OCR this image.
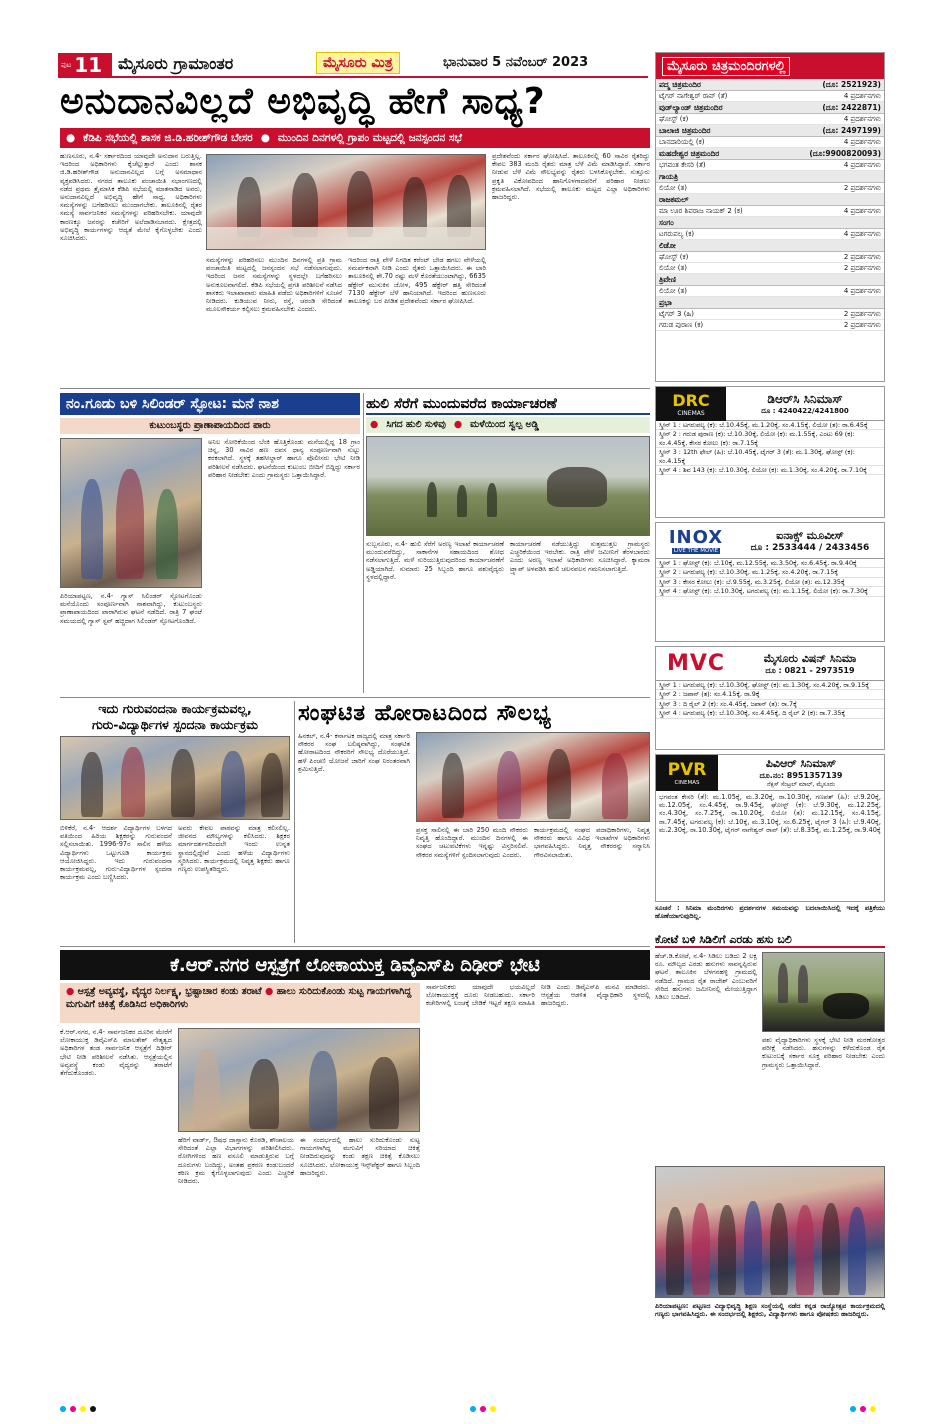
ಪುಟ 11 ಮೈಸೂರು ಗ್ರಾಮಾಂತರ	ಮೈಸೂರು ಮಿತ್ರ	ಭಾನುವಾರ 5 ನವೆಂಬರ್ 2023
ಅನುದಾನವಿಲ್ಲದೆ ಅಭಿವೃದ್ಧಿ ಹೇಗೆ ಸಾಧ್ಯ?
● ಕೆಡಿಪಿ ಸಭೆಯಲ್ಲಿ ಶಾಸಕ ಜಿ.ಡಿ.ಹರೀಶ್‌ಗೌಡ ಬೇಸರ ● ಮುಂದಿನ ದಿನಗಳಲ್ಲಿ ಗ್ರಾಪಂ ಮಟ್ಟದಲ್ಲಿ ಜನಸ್ಪಂದನ ಸಭೆ
ಹುಣಸೂರು, ನ.4- ಸರ್ಕಾರದಿಂದ ಯಾವುದೇ ಅನುದಾನ ಬರುತ್ತಿಲ್ಲ. ಇದರಿಂದ ಅಧಿಕಾರಿಗಳು ಕೈಚೆಲ್ಲುತ್ತಾರೆ ಎಂದು ಶಾಸಕ ಜಿ.ಡಿ.ಹರೀಶ್‌ಗೌಡ ಅನುದಾನವಿಲ್ಲದ ಬಗ್ಗೆ ಅಸಮಾಧಾನ ವ್ಯಕ್ತಪಡಿಸಿದರು. ನಗರದ ತಾಲೂಕು ಪಂಚಾಯಿತಿ ಸಭಾಂಗಣದಲ್ಲಿ ನಡೆದ ಪ್ರಥಮ ತ್ರೈಮಾಸಿಕ ಕೆಡಿಪಿ ಸಭೆಯಲ್ಲಿ ಮಾತನಾಡಿದ ಅವರು, ಅನುದಾನವಿಲ್ಲದೆ ಅಭಿವೃದ್ಧಿ ಹೇಗೆ ಸಾಧ್ಯ. ಅಧಿಕಾರಿಗಳು ಸಮಸ್ಯೆಗಳನ್ನು ಬಗೆಹರಿಸಲು ಮುಂದಾಗಬೇಕು. ತಾಲೂಕಿನಲ್ಲಿ ರೈತರ ಸಮಸ್ಯೆ ಸಾರ್ವಜನಿಕರ ಸಮಸ್ಯೆಗಳನ್ನು ಪರಿಹರಿಸಬೇಕು. ಯಾವುದೇ ಕಾರಣಕ್ಕೂ ಜನರನ್ನು ಕಚೇರಿಗೆ ಅಲೆದಾಡಿಸಬಾರದು. ಕ್ಷೇತ್ರದಲ್ಲಿ ಅಭಿವೃದ್ಧಿ ಕಾರ್ಯಗಳನ್ನು ಆದ್ಯತೆ ಮೇಲೆ ಕೈಗೊಳ್ಳಬೇಕು ಎಂದು ಸೂಚಿಸಿದರು.
ಸಮಸ್ಯೆಗಳನ್ನು ಪರಿಹರಿಸಲು ಮುಂದಿನ ದಿನಗಳಲ್ಲಿ ಪ್ರತಿ ಗ್ರಾಮ ಪಂಚಾಯಿತಿ ಮಟ್ಟದಲ್ಲಿ ಜನಸ್ಪಂದನ ಸಭೆ ನಡೆಸಲಾಗುವುದು. ಇದರಿಂದ ಜನರ ಸಮಸ್ಯೆಗಳನ್ನು ಸ್ಥಳದಲ್ಲೇ ಬಗೆಹರಿಸಲು ಅನುಕೂಲವಾಗಲಿದೆ. ಕೆಡಿಪಿ ಸಭೆಯಲ್ಲಿ ಪ್ರಗತಿ ಪರಿಶೀಲನೆ ನಡೆಸಿದ ಶಾಸಕರು ಇಲಾಖಾವಾರು ಮಾಹಿತಿ ಪಡೆದು ಅಧಿಕಾರಿಗಳಿಗೆ ಸೂಚನೆ ನೀಡಿದರು. ಕುಡಿಯುವ ನೀರು, ರಸ್ತೆ, ಚರಂಡಿ ಸೇರಿದಂತೆ ಮೂಲಸೌಕರ್ಯ ಕಲ್ಪಿಸಲು ಕ್ರಮವಹಿಸಬೇಕು ಎಂದರು.
ಇದರಿಂದ ರಾತ್ರಿ ವೇಳೆ ನಿಗದಿತ ಕರೆಂಟ್ ಬೇಡ ಹಗಲು ವೇಳೆಯಲ್ಲಿ ಸಮರ್ಪಕವಾಗಿ ನೀಡಿ ಎಂದು ರೈತರು ಒತ್ತಾಯಿಸಿದರು. ಈ ಬಾರಿ ತಾಲೂಕಿನಲ್ಲಿ ಶೇ.70 ರಷ್ಟು ಮಳೆ ಕೊರತೆಯುಂಟಾಗಿದ್ದು, 6635 ಹೆಕ್ಟೇರ್ ಮುಸುಕಿನ ಜೋಳ, 495 ಹೆಕ್ಟೇರ್ ಹತ್ತಿ ಸೇರಿದಂತೆ 7130 ಹೆಕ್ಟೇರ್ ಬೆಳೆ ಹಾನಿಯಾಗಿದೆ. ಇದರಿಂದ ಹುಣಸೂರು ತಾಲೂಕನ್ನು ಬರ ಪೀಡಿತ ಪ್ರದೇಶವೆಂದು ಸರ್ಕಾರ ಘೋಷಿಸಿದೆ.
ಪ್ರದೇಶವೆಂದು ಸರ್ಕಾರ ಘೋಷಿಸಿದೆ. ತಾಲೂಕಿನಲ್ಲಿ 60 ಸಾವಿರ ರೈತರಿದ್ದು ಕೇವಲ 383 ಮಂದಿ ರೈತರು ಮಾತ್ರ ಬೆಳೆ ವಿಮೆ ಮಾಡಿಸಿದ್ದಾರೆ. ಸರ್ಕಾರ ನೀಡುವ ಬೆಳೆ ವಿಮೆ ಸೌಲಭ್ಯವನ್ನು ರೈತರು ಬಳಸಿಕೊಳ್ಳಬೇಕು. ಸುತ್ತೂರು ಪ್ರಕೃತಿ ವಿಕೋಪದಿಂದ ಹಾನಿಗೊಳಗಾದವರಿಗೆ ಪರಿಹಾರ ನೀಡಲು ಕ್ರಮವಹಿಸಲಾಗಿದೆ. ಸಭೆಯಲ್ಲಿ ತಾಲೂಕು ಮಟ್ಟದ ಎಲ್ಲಾ ಅಧಿಕಾರಿಗಳು ಹಾಜರಿದ್ದರು.
ನಂ.ಗೂಡು ಬಳಿ ಸಿಲಿಂಡರ್ ಸ್ಫೋಟ: ಮನೆ ನಾಶ
ಕುಟುಂಬಸ್ಥರು ಪ್ರಾಣಾಪಾಯದಿಂದ ಪಾರು
ಪಿರಿಯಾಪಟ್ಟಣ, ನ.4- ಗ್ಯಾಸ್ ಸಿಲಿಂಡರ್ ಸ್ಫೋಟಗೊಂಡು ಮನೆಯೊಂದು ಸಂಪೂರ್ಣವಾಗಿ ನಾಶವಾಗಿದ್ದು, ಕುಟುಂಬಸ್ಥರು ಪ್ರಾಣಾಪಾಯದಿಂದ ಪಾರಾಗಿರುವ ಘಟನೆ ನಡೆದಿದೆ. ರಾತ್ರಿ 7 ಘಂಟೆ ಸಮಯದಲ್ಲಿ ಗ್ಯಾಸ್ ಸ್ಟವ್ ಹಚ್ಚಿದಾಗ ಸಿಲಿಂಡರ್ ಸ್ಫೋಟಗೊಂಡಿದೆ.
ಅನಿಲ ಸೋರಿಕೆಯಿಂದ ಬೆಂಕಿ ಹೊತ್ತಿಕೊಂಡು ಮನೆಯಲ್ಲಿದ್ದ 18 ಗ್ರಾಂ ಚಿನ್ನ, 30 ಸಾವಿರ ಹಣ ದವಸ ಧಾನ್ಯ ಸಂಪೂರ್ಣವಾಗಿ ಸುಟ್ಟು ಕರಕಲಾಗಿದೆ. ಸ್ಥಳಕ್ಕೆ ತಹಸೀಲ್ದಾರ್ ಹಾಗೂ ಪೊಲೀಸರು ಭೇಟಿ ನೀಡಿ ಪರಿಶೀಲನೆ ನಡೆಸಿದರು. ಘಟನೆಯಿಂದ ಕುಟುಂಬ ಬೀದಿಗೆ ಬಿದ್ದಿದ್ದು ಸರ್ಕಾರ ಪರಿಹಾರ ನೀಡಬೇಕು ಎಂದು ಗ್ರಾಮಸ್ಥರು ಒತ್ತಾಯಿಸಿದ್ದಾರೆ.
ಹುಲಿ ಸೆರೆಗೆ ಮುಂದುವರೆದ ಕಾರ್ಯಾಚರಣೆ
● ಸಿಗದ ಹುಲಿ ಸುಳಿವು ● ಮಳೆಯಿಂದ ಸ್ವಲ್ಪ ಅಡ್ಡಿ
ಸುಬ್ಬನೂರು, ನ.4- ಹುಲಿ ಸೆರೆಗೆ ಅರಣ್ಯ ಇಲಾಖೆ ಕಾರ್ಯಾಚರಣೆ ಮುಂದುವರೆದಿದ್ದು, ಸಾಕಾನೆಗಳ ಸಹಾಯದಿಂದ ಶೋಧ ನಡೆಸಲಾಗುತ್ತಿದೆ. ಮಳೆ ಸುರಿಯುತ್ತಿರುವುದರಿಂದ ಕಾರ್ಯಾಚರಣೆಗೆ ಅಡ್ಡಿಯಾಗಿದೆ. ಸುಮಾರು 25 ಸಿಬ್ಬಂದಿ ಹಾಗೂ ಪಶುವೈದ್ಯರು ಸ್ಥಳದಲ್ಲಿದ್ದಾರೆ.
ಕಾರ್ಯಾಚರಣೆ ನಡೆಯುತ್ತಿದ್ದು ಸುತ್ತಮುತ್ತಲ ಗ್ರಾಮಸ್ಥರು ಎಚ್ಚರಿಕೆಯಿಂದ ಇರಬೇಕು. ರಾತ್ರಿ ವೇಳೆ ಜಮೀನಿಗೆ ತೆರಳಬಾರದು ಎಂದು ಅರಣ್ಯ ಇಲಾಖೆ ಅಧಿಕಾರಿಗಳು ಸೂಚಿಸಿದ್ದಾರೆ. ಕ್ಯಾಮರಾ ಟ್ರ್ಯಾಪ್ ಅಳವಡಿಸಿ ಹುಲಿ ಚಲನವಲನ ಗಮನಿಸಲಾಗುತ್ತಿದೆ.
ಇದು ಗುರುವಂದನಾ ಕಾರ್ಯಕ್ರಮವಲ್ಲ,
ಗುರು-ವಿದ್ಯಾರ್ಥಿಗಳ ಸ್ಪಂದನಾ ಕಾರ್ಯಕ್ರಮ
ಬಿಳಿಕೆರೆ, ನ.4- ಆದರ್ಶ ವಿದ್ಯಾರ್ಥಿಗಳ ಬಳಗದ ವತಿಯಿಂದ ಹಿರಿಯ ಶಿಕ್ಷಕರನ್ನು ಗುರುವಂದನೆ ಸಲ್ಲಿಸಲಾಯಿತು. 1996-97ರ ಸಾಲಿನ ಹಳೆಯ ವಿದ್ಯಾರ್ಥಿಗಳು ಒಟ್ಟುಗೂಡಿ ಕಾರ್ಯಕ್ರಮ ಆಯೋಜಿಸಿದ್ದರು. ಇದು ಗುರುವಂದನಾ ಕಾರ್ಯಕ್ರಮವಲ್ಲ, ಗುರು-ವಿದ್ಯಾರ್ಥಿಗಳ ಸ್ಪಂದನಾ ಕಾರ್ಯಕ್ರಮ ಎಂದು ಬಣ್ಣಿಸಿದರು.
ಅವರು ಕೇವಲ ಪಾಠವನ್ನು ಮಾತ್ರ ಕಲಿಸಲಿಲ್ಲ. ಜೀವನದ ಮೌಲ್ಯಗಳನ್ನು ಕಲಿಸಿದರು. ಶಿಕ್ಷಕರ ಮಾರ್ಗದರ್ಶನದಿಂದಲೇ ಇಂದು ಉನ್ನತ ಸ್ಥಾನದಲ್ಲಿದ್ದೇವೆ ಎಂದು ಹಳೆಯ ವಿದ್ಯಾರ್ಥಿಗಳು ಸ್ಮರಿಸಿದರು. ಕಾರ್ಯಕ್ರಮದಲ್ಲಿ ನಿವೃತ್ತ ಶಿಕ್ಷಕರು ಹಾಗೂ ಗಣ್ಯರು ಉಪಸ್ಥಿತರಿದ್ದರು.
ಸಂಘಟಿತ ಹೋರಾಟದಿಂದ ಸೌಲಭ್ಯ
ಹಿನಕಲ್, ನ.4- ಕರ್ನಾಟಕ ರಾಜ್ಯದಲ್ಲಿ ಮಾತ್ರ ಸರ್ಕಾರಿ ನೌಕರರ ಸಂಘ ಬಲಿಷ್ಠವಾಗಿದ್ದು, ಸಂಘಟಿತ ಹೋರಾಟದಿಂದ ನೌಕರರಿಗೆ ಸೌಲಭ್ಯ ದೊರೆಯುತ್ತಿದೆ. ಹಳೆ ಪಿಂಚಣಿ ಯೋಜನೆ ಜಾರಿಗೆ ಸಂಘ ನಿರಂತರವಾಗಿ ಶ್ರಮಿಸುತ್ತಿದೆ.
ಪ್ರಸಕ್ತ ಸಾಲಿನಲ್ಲಿ ಈ ಬಾರಿ 250 ಮಂದಿ ನೌಕರರು ನಿವೃತ್ತಿ ಹೊಂದಿದ್ದಾರೆ. ಮುಂದಿನ ದಿನಗಳಲ್ಲಿ ಈ ಸಂಘದ ಚಟುವಟಿಕೆಗಳು ಇನ್ನಷ್ಟು ವಿಸ್ತರಿಸಲಿವೆ. ನೌಕರರ ಸಮಸ್ಯೆಗಳಿಗೆ ಸ್ಪಂದಿಸಲಾಗುವುದು ಎಂದರು.
ಕಾರ್ಯಕ್ರಮದಲ್ಲಿ ಸಂಘದ ಪದಾಧಿಕಾರಿಗಳು, ನಿವೃತ್ತ ನೌಕರರು ಹಾಗೂ ವಿವಿಧ ಇಲಾಖೆಗಳ ಅಧಿಕಾರಿಗಳು ಭಾಗವಹಿಸಿದ್ದರು. ನಿವೃತ್ತ ನೌಕರರನ್ನು ಸನ್ಮಾನಿಸಿ ಗೌರವಿಸಲಾಯಿತು.
ಕೆ.ಆರ್.ನಗರ ಆಸ್ಪತ್ರೆಗೆ ಲೋಕಾಯುಕ್ತ ಡಿವೈಎಸ್‌ಪಿ ದಿಢೀರ್ ಭೇಟಿ
● ಆಸ್ಪತ್ರೆ ಅವ್ಯವಸ್ಥೆ, ವೈದ್ಯರ ನಿರ್ಲಕ್ಷ್ಯ, ಭ್ರಷ್ಟಾಚಾರ ಕಂಡು ತರಾಟೆ ● ಹಾಲು ಸುರಿದುಕೊಂಡು ಸುಟ್ಟ ಗಾಯಗಳಾಗಿದ್ದ ಮಗುವಿಗೆ ಚಿಕಿತ್ಸೆ ಕೊಡಿಸಿದ ಅಧಿಕಾರಿಗಳು
ಕೆ.ಆರ್.ನಗರ, ನ.4- ಸಾರ್ವಜನಿಕರ ದೂರಿನ ಮೇರೆಗೆ ಲೋಕಾಯುಕ್ತ ಡಿವೈಎಸ್‌ಪಿ ಮಾಲತೇಶ್ ನೇತೃತ್ವದ ಅಧಿಕಾರಿಗಳ ತಂಡ ಸಾರ್ವಜನಿಕ ಆಸ್ಪತ್ರೆಗೆ ದಿಢೀರ್ ಭೇಟಿ ನೀಡಿ ಪರಿಶೀಲನೆ ನಡೆಸಿತು. ಆಸ್ಪತ್ರೆಯಲ್ಲಿನ ಅವ್ಯವಸ್ಥೆ ಕಂಡು ವೈದ್ಯರನ್ನು ತರಾಟೆಗೆ ತೆಗೆದುಕೊಂಡರು.
ಹೆರಿಗೆ ವಾರ್ಡ್, ಔಷಧ ದಾಸ್ತಾನು ಕೊಠಡಿ, ಶೌಚಾಲಯ ಸೇರಿದಂತೆ ಎಲ್ಲಾ ವಿಭಾಗಗಳನ್ನು ಪರಿಶೀಲಿಸಿದರು. ರೋಗಿಗಳಿಂದ ಹಣ ವಸೂಲಿ ಮಾಡುತ್ತಿರುವ ಬಗ್ಗೆ ದೂರುಗಳು ಬಂದಿದ್ದು, ಅಂತಹ ಪ್ರಕರಣ ಕಂಡುಬಂದರೆ ಕಠಿಣ ಕ್ರಮ ಕೈಗೊಳ್ಳಲಾಗುವುದು ಎಂದು ಎಚ್ಚರಿಕೆ ನೀಡಿದರು.
ಈ ಸಂದರ್ಭದಲ್ಲಿ ಹಾಲು ಸುರಿದುಕೊಂಡು ಸುಟ್ಟ ಗಾಯಗಳಾಗಿದ್ದ ಮಗುವಿಗೆ ಸರಿಯಾದ ಚಿಕಿತ್ಸೆ ನೀಡದಿರುವುದನ್ನು ಕಂಡು ತಕ್ಷಣ ಚಿಕಿತ್ಸೆ ಕೊಡಿಸಲು ಸೂಚಿಸಿದರು. ಲೋಕಾಯುಕ್ತ ಇನ್ಸ್‌ಪೆಕ್ಟರ್ ಹಾಗೂ ಸಿಬ್ಬಂದಿ ಹಾಜರಿದ್ದರು.
ಸಾರ್ವಜನಿಕರು ಯಾವುದೇ ಭಯವಿಲ್ಲದೆ ಲೋಕಾಯುಕ್ತಕ್ಕೆ ದೂರು ನೀಡಬಹುದು. ಸರ್ಕಾರಿ ಕಚೇರಿಗಳಲ್ಲಿ ಲಂಚಕ್ಕೆ ಬೇಡಿಕೆ ಇಟ್ಟರೆ ತಕ್ಷಣ ಮಾಹಿತಿ ನೀಡಿ ಎಂದು ಡಿವೈಎಸ್‌ಪಿ ಮನವಿ ಮಾಡಿದರು. ಆಸ್ಪತ್ರೆಯ ಆಡಳಿತ ವೈದ್ಯಾಧಿಕಾರಿ ಸ್ಥಳದಲ್ಲಿ ಹಾಜರಿದ್ದರು.
ಮೈಸೂರು ಚಿತ್ರಮಂದಿರಗಳಲ್ಲಿ
ಪದ್ಮ ಚಿತ್ರಮಂದಿರ	(ದೂ: 2521923)
ಟೈಗರ್ ನಾಗೇಶ್ವರ್ ರಾವ್ (ತೆ)	4 ಪ್ರದರ್ಶನಗಳು
ವುಡ್‌ಲ್ಯಾಂಡ್ ಚಿತ್ರಮಂದಿರ	(ದೂ: 2422871)
ಘೋಸ್ಟ್ (ಕ)	4 ಪ್ರದರ್ಶನಗಳು
ಬಾಲಾಜಿ ಚಿತ್ರಮಂದಿರ	(ದೂ: 2497199)
ಬಾನದಾರಿಯಲ್ಲಿ (ಕ)	4 ಪ್ರದರ್ಶನಗಳು
ಮಹದೇಶ್ವರ ಚಿತ್ರಮಂದಿರ	(ದೂ:9900820093)
ಭಗವಂತ ಕೇಸರಿ (ತೆ)	4 ಪ್ರದರ್ಶನಗಳು
ಗಾಯತ್ರಿ
ಲಿಯೋ (ತ)	2 ಪ್ರದರ್ಶನಗಳು
ರಾಜಕಮಲ್
ಮಾ ಊರ ಶಿವರಾಜ ನಾಯಕ್ 2 (ಕ)	4 ಪ್ರದರ್ಶನಗಳು
ಸಂಗಂ
ಟಗರುಪಲ್ಯ (ಕ)	4 ಪ್ರದರ್ಶನಗಳು
ಲಿಡೋ
ಘೋಸ್ಟ್ (ಕ)	2 ಪ್ರದರ್ಶನಗಳು
ಲಿಯೋ (ತ)	2 ಪ್ರದರ್ಶನಗಳು
ತ್ರಿವೇಣಿ
ಲಿಯೋ (ತ)	4 ಪ್ರದರ್ಶನಗಳು
ಪ್ರಭಾ
ಟೈಗರ್ 3 (ಹಿ)	2 ಪ್ರದರ್ಶನಗಳು
ಗರುಡ ಪುರಾಣ (ಕ)	2 ಪ್ರದರ್ಶನಗಳು
DRC
CINEMAS
ಡಿಆರ್‌ಸಿ ಸಿನಿಮಾಸ್
ದೂ : 4240422/4241800
ಸ್ಕ್ರೀನ್ 1 : ಟಗರುಪಲ್ಯ (ಕ): ಬೆ.10.45ಕ್ಕೆ, ಮ.1.20ಕ್ಕೆ, ಸಂ.4.15ಕ್ಕೆ, ಲಿಯೋ (ತ): ರಾ.6.45ಕ್ಕೆ
ಸ್ಕ್ರೀನ್ 2 : ಗರುಡ ಪುರಾಣ (ಕ): ಬೆ.10.30ಕ್ಕೆ, ಲಿಯೋ (ಕ): ಮ.1.55ಕ್ಕೆ, ಎಂಟು 69 (ಕ): ಸಂ.4.45ಕ್ಕೆ, ಕೇಸರ ಕೋಲು (ಕ): ರಾ.7.15ಕ್ಕೆ
ಸ್ಕ್ರೀನ್ 3 : 12th ಫೇಲ್ (ಹಿ): ಬೆ.10.45ಕ್ಕೆ, ಟೈಗರ್ 3 (ತೆ): ಮ.1.30ಕ್ಕೆ, ಘೋಸ್ಟ್ (ಕ): ಸಂ.4.15ಕ್ಕೆ
ಸ್ಕ್ರೀನ್ 4 : ಶಿವ 143 (ಕ): ಬೆ.10.30ಕ್ಕೆ, ಲಿಯೋ (ಕ): ಮ.1.30ಕ್ಕೆ, ಸಂ.4.20ಕ್ಕೆ, ರಾ.7.10ಕ್ಕೆ
INOX
LIVE THE MOVIE
ಐನಾಕ್ಸ್ ಮೂವೀಸ್
ದೂ : 2533444 / 2433456
ಸ್ಕ್ರೀನ್ 1 : ಘೋಸ್ಟ್ (ಕ): ಬೆ.10ಕ್ಕೆ, ಮ.12.55ಕ್ಕೆ, ಮ.3.50ಕ್ಕೆ, ಸಂ.6.45ಕ್ಕೆ, ರಾ.9.40ಕ್ಕೆ
ಸ್ಕ್ರೀನ್ 2 : ಟಗರುಪಲ್ಯ (ಕ): ಬೆ.10.30ಕ್ಕೆ, ಮ.1.25ಕ್ಕೆ, ಸಂ.4.20ಕ್ಕೆ, ರಾ.7.15ಕ್ಕೆ
ಸ್ಕ್ರೀನ್ 3 : ಕೇಸರ ಕೋಲು (ಕ): ಬೆ.9.55ಕ್ಕೆ, ಮ.3.25ಕ್ಕೆ, ಲಿಯೋ (ತ): ಮ.12.35ಕ್ಕೆ
ಸ್ಕ್ರೀನ್ 4 : ಘೋಸ್ಟ್ (ಕ): ಬೆ.10.30ಕ್ಕೆ, ಟಗರುಪಲ್ಯ (ಕ): ಮ.1.15ಕ್ಕೆ, ಲಿಯೋ (ಕ): ರಾ.7.30ಕ್ಕೆ
MVC	ಮೈಸೂರು ವಿಷನ್ ಸಿನಿಮಾ
ದೂ : 0821 - 2973519
ಸ್ಕ್ರೀನ್ 1 : ಟಗರುಪಲ್ಯ (ಕ): ಬೆ.10.30ಕ್ಕೆ, ಘೋಸ್ಟ್ (ಕ): ಮ.1.30ಕ್ಕೆ, ಸಂ.4.20ಕ್ಕೆ, ರಾ.9.15ಕ್ಕೆ
ಸ್ಕ್ರೀನ್ 2 : ಜಪಾನ್ (ತ): ಸಂ.4.15ಕ್ಕೆ, ರಾ.9ಕ್ಕೆ
ಸ್ಕ್ರೀನ್ 3 : ದಿ ರೈಲ್ 2 (ಕ): ಸಂ.4.45ಕ್ಕೆ, ಜಪಾನ್ (ತ): ರಾ.7ಕ್ಕೆ
ಸ್ಕ್ರೀನ್ 4 : ಟಗರುಪಲ್ಯ (ಕ): ಬೆ.10.30ಕ್ಕೆ, ಸಂ.4.45ಕ್ಕೆ, ದಿ ರೈಲ್ 2 (ಕ): ರಾ.7.35ಕ್ಕೆ
PVR
CINEMAS
ಪಿವಿಆರ್ ಸಿನಿಮಾಸ್
ದೂ.ನಂ: 8951357139
ನೆಕ್ಸಸ್ ಸೆಂಟ್ರಲ್ ಮಾಲ್, ಮೈಸೂರು
ಭಗವಂತ ಕೇಸರಿ (ತೆ): ಮ.1.05ಕ್ಕೆ, ಮ.3.20ಕ್ಕೆ, ರಾ.10.30ಕ್ಕೆ, ಗಣಪತ್ (ಹಿ): ಬೆ.9.20ಕ್ಕೆ, ಮ.12.05ಕ್ಕೆ, ಸಂ.4.45ಕ್ಕೆ, ರಾ.9.45ಕ್ಕೆ, ಘೋಸ್ಟ್ (ಕ): ಬೆ.9.30ಕ್ಕೆ, ಮ.12.25ಕ್ಕೆ, ಸಂ.4.30ಕ್ಕೆ, ಸಂ.7.25ಕ್ಕೆ, ರಾ.10.20ಕ್ಕೆ, ಲಿಯೋ (ತ): ಮ.12.15ಕ್ಕೆ, ಸಂ.4.15ಕ್ಕೆ, ರಾ.7.45ಕ್ಕೆ, ಟಗರುಪಲ್ಯ (ಕ): ಬೆ.10ಕ್ಕೆ, ಮ.3.10ಕ್ಕೆ, ಸಂ.6.25ಕ್ಕೆ, ಟೈಗರ್ 3 (ಹಿ): ಬೆ.9.40ಕ್ಕೆ, ಮ.2.30ಕ್ಕೆ, ರಾ.10.30ಕ್ಕೆ, ಟೈಗರ್ ನಾಗೇಶ್ವರ್ ರಾವ್ (ತೆ): ಬೆ.8.35ಕ್ಕೆ, ಮ.1.25ಕ್ಕೆ, ರಾ.9.40ಕ್ಕೆ
ಸೂಚನೆ : ಸಿನಿಮಾ ಮಂದಿರಗಳು ಪ್ರದರ್ಶನಗಳ ಸಮಯವನ್ನು ಬದಲಾಯಿಸಿದಲ್ಲಿ ಇದಕ್ಕೆ ಪತ್ರಿಕೆಯು ಹೊಣೆಯಾಗುವುದಿಲ್ಲ.
ಕೋಟೆ ಬಳಿ ಸಿಡಿಲಿಗೆ ಎರಡು ಹಸು ಬಲಿ
ಹೆಚ್.ಡಿ.ಕೋಟೆ, ನ.4- ಸಿಡಿಲು ಬಡಿದು 2 ಲಕ್ಷ ರೂ. ಮೌಲ್ಯದ ಎರಡು ಹಸುಗಳು ಸಾವನ್ನಪ್ಪಿರುವ ಘಟನೆ ತಾಲೂಕಿನ ಬೆಳಗನಹಳ್ಳಿ ಗ್ರಾಮದಲ್ಲಿ ನಡೆದಿದೆ. ಗ್ರಾಮದ ರೈತ ರಾಜೇಶ್ ಎಂಬುವರಿಗೆ ಸೇರಿದ ಹಸುಗಳು ಜಮೀನಿನಲ್ಲಿ ಮೇಯುತ್ತಿದ್ದಾಗ ಸಿಡಿಲು ಬಡಿದಿದೆ.
ಪಶು ವೈದ್ಯಾಧಿಕಾರಿಗಳು ಸ್ಥಳಕ್ಕೆ ಭೇಟಿ ನೀಡಿ ಮರಣೋತ್ತರ ಪರೀಕ್ಷೆ ನಡೆಸಿದರು. ಹಸುಗಳನ್ನು ಕಳೆದುಕೊಂಡ ರೈತ ಕುಟುಂಬಕ್ಕೆ ಸರ್ಕಾರ ಸೂಕ್ತ ಪರಿಹಾರ ನೀಡಬೇಕು ಎಂದು ಗ್ರಾಮಸ್ಥರು ಒತ್ತಾಯಿಸಿದ್ದಾರೆ.
ಪಿರಿಯಾಪಟ್ಟಣ: ಪಟ್ಟಣದ ವಿದ್ಯಾಭಿವೃದ್ಧಿ ಶಿಕ್ಷಣ ಸಂಸ್ಥೆಯಲ್ಲಿ ನಡೆದ ಕನ್ನಡ ರಾಜ್ಯೋತ್ಸವ ಕಾರ್ಯಕ್ರಮದಲ್ಲಿ ಗಣ್ಯರು ಭಾಗವಹಿಸಿದ್ದರು. ಈ ಸಂದರ್ಭದಲ್ಲಿ ಶಿಕ್ಷಕರು, ವಿದ್ಯಾರ್ಥಿಗಳು ಹಾಗೂ ಪೋಷಕರು ಹಾಜರಿದ್ದರು.
